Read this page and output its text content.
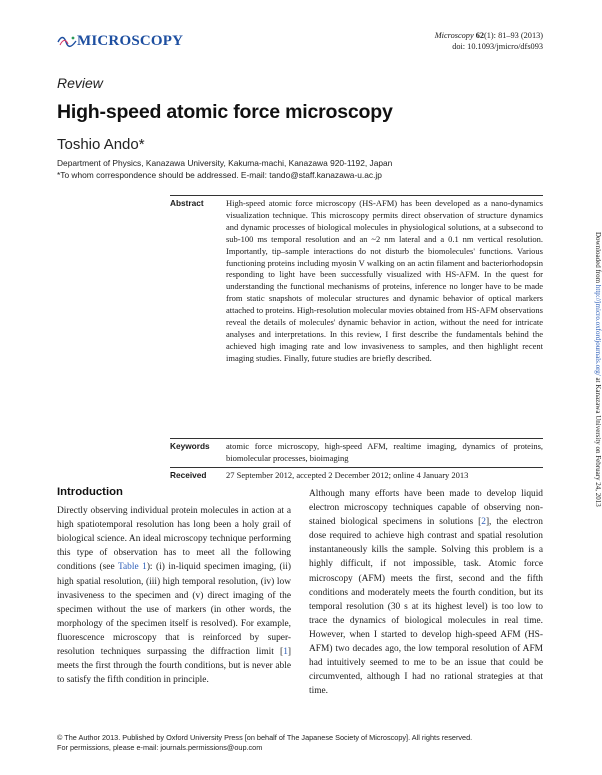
MICROSCOPY	Microscopy 62(1): 81–93 (2013)
doi: 10.1093/jmicro/dfs093
Review
High-speed atomic force microscopy
Toshio Ando*
Department of Physics, Kanazawa University, Kakuma-machi, Kanazawa 920-1192, Japan
*To whom correspondence should be addressed. E-mail: tando@staff.kanazawa-u.ac.jp
Abstract	High-speed atomic force microscopy (HS-AFM) has been developed as a nano-dynamics visualization technique. This microscopy permits direct observation of structure dynamics and dynamic processes of biological molecules in physiological solutions, at a subsecond to sub-100 ms temporal resolution and an ~2 nm lateral and a 0.1 nm vertical resolution. Importantly, tip–sample interactions do not disturb the biomolecules' functions. Various functioning proteins including myosin V walking on an actin filament and bacteriorhodopsin responding to light have been successfully visualized with HS-AFM. In the quest for understanding the functional mechanisms of proteins, inference no longer have to be made from static snapshots of molecular structures and dynamic behavior of optical markers attached to proteins. High-resolution molecular movies obtained from HS-AFM observations reveal the details of molecules' dynamic behavior in action, without the need for intricate analyses and interpretations. In this review, I first describe the fundamentals behind the achieved high imaging rate and low invasiveness to samples, and then highlight recent imaging studies. Finally, future studies are briefly described.
Keywords	atomic force microscopy, high-speed AFM, realtime imaging, dynamics of proteins, biomolecular processes, bioimaging
Received	27 September 2012, accepted 2 December 2012; online 4 January 2013
Downloaded from http://jmicro.oxfordjournals.org/ at Kanazawa University on February 24, 2013
Introduction

Directly observing individual protein molecules in action at a high spatiotemporal resolution has long been a holy grail of biological science. An ideal microscopy technique performing this type of observation has to meet all the following conditions (see Table 1): (i) in-liquid specimen imaging, (ii) high spatial resolution, (iii) high temporal resolution, (iv) low invasiveness to the specimen and (v) direct imaging of the specimen without the use of markers (in other words, the morphology of the specimen itself is resolved). For example, fluorescence microscopy that is reinforced by super-resolution techniques surpassing the diffraction limit [1] meets the first through the fourth conditions, but is never able to satisfy the fifth condition in principle.

Although many efforts have been made to develop liquid electron microscopy techniques capable of observing non-stained biological specimens in solutions [2], the electron dose required to achieve high contrast and spatial resolution instantaneously kills the sample. Solving this problem is a highly difficult, if not impossible, task. Atomic force microscopy (AFM) meets the first, second and the fifth conditions and moderately meets the fourth condition, but its temporal resolution (30 s at its highest level) is too low to trace the dynamics of biological molecules in real time. However, when I started to develop high-speed AFM (HS-AFM) two decades ago, the low temporal resolution of AFM had intuitively seemed to me to be an issue that could be circumvented, although I had no rational strategies at that time.

© The Author 2013. Published by Oxford University Press [on behalf of The Japanese Society of Microscopy]. All rights reserved.
For permissions, please e-mail: journals.permissions@oup.com
